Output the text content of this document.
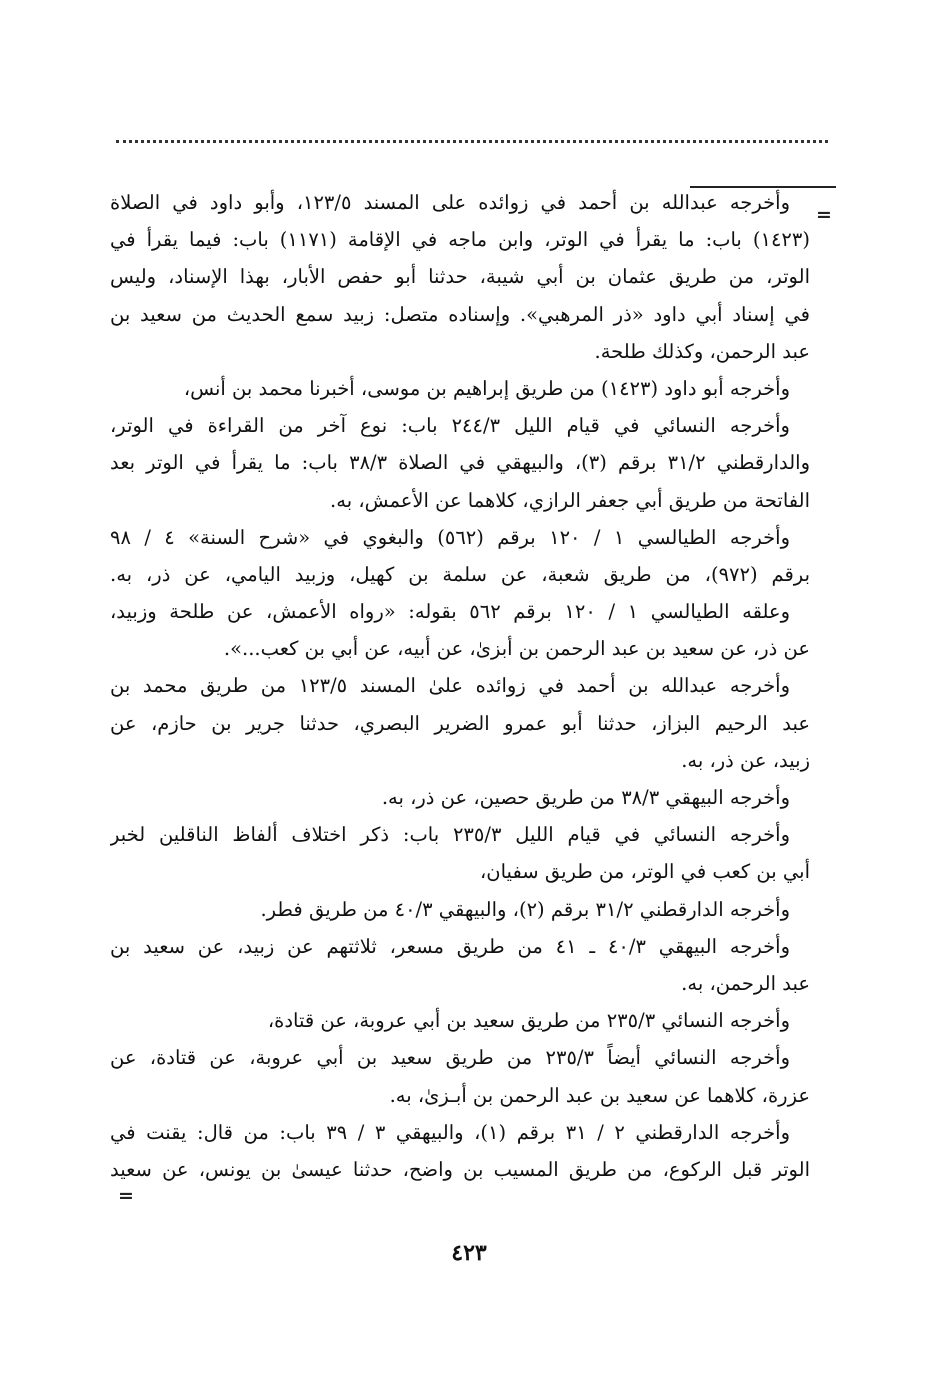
=
وأخرجه عبدالله بن أحمد في زوائده على المسند ١٢٣/٥، وأبو داود في الصلاة
(١٤٢٣) باب: ما يقرأ في الوتر، وابن ماجه في الإقامة (١١٧١) باب: فيما يقرأ في
الوتر، من طريق عثمان بن أبي شيبة، حدثنا أبو حفص الأبار، بهذا الإسناد، وليس
في إسناد أبي داود «ذر المرهبي». وإسناده متصل: زبيد سمع الحديث من سعيد بن
عبد الرحمن، وكذلك طلحة.
وأخرجه أبو داود (١٤٢٣) من طريق إبراهيم بن موسى، أخبرنا محمد بن أنس،
وأخرجه النسائي في قيام الليل ٢٤٤/٣ باب: نوع آخر من القراءة في الوتر،
والدارقطني ٣١/٢ برقم (٣)، والبيهقي في الصلاة ٣٨/٣ باب: ما يقرأ في الوتر بعد
الفاتحة من طريق أبي جعفر الرازي، كلاهما عن الأعمش، به.
وأخرجه الطيالسي ١ / ١٢٠ برقم (٥٦٢) والبغوي في «شرح السنة» ٤ / ٩٨
برقم (٩٧٢)، من طريق شعبة، عن سلمة بن كهيل، وزبيد اليامي، عن ذر، به.
وعلقه الطيالسي ١ / ١٢٠ برقم ٥٦٢ بقوله: «رواه الأعمش، عن طلحة وزبيد،
عن ذر، عن سعيد بن عبد الرحمن بن أبزىٰ، عن أبيه، عن أبي بن كعب...».
وأخرجه عبدالله بن أحمد في زوائده علىٰ المسند ١٢٣/٥ من طريق محمد بن
عبد الرحيم البزاز، حدثنا أبو عمرو الضرير البصري، حدثنا جرير بن حازم، عن
زبيد، عن ذر، به.
وأخرجه البيهقي ٣٨/٣ من طريق حصين، عن ذر، به.
وأخرجه النسائي في قيام الليل ٢٣٥/٣ باب: ذكر اختلاف ألفاظ الناقلين لخبر
أبي بن كعب في الوتر، من طريق سفيان،
وأخرجه الدارقطني ٣١/٢ برقم (٢)، والبيهقي ٤٠/٣ من طريق فطر.
وأخرجه البيهقي ٤٠/٣ ـ ٤١ من طريق مسعر، ثلاثتهم عن زبيد، عن سعيد بن
عبد الرحمن، به.
وأخرجه النسائي ٢٣٥/٣ من طريق سعيد بن أبي عروبة، عن قتادة،
وأخرجه النسائي أيضاً ٢٣٥/٣ من طريق سعيد بن أبي عروبة، عن قتادة، عن
عزرة، كلاهما عن سعيد بن عبد الرحمن بن أبـزىٰ، به.
وأخرجه الدارقطني ٢ / ٣١ برقم (١)، والبيهقي ٣ / ٣٩ باب: من قال: يقنت في
الوتر قبل الركوع، من طريق المسيب بن واضح، حدثنا عيسىٰ بن يونس، عن سعيد
=
٤٢٣
